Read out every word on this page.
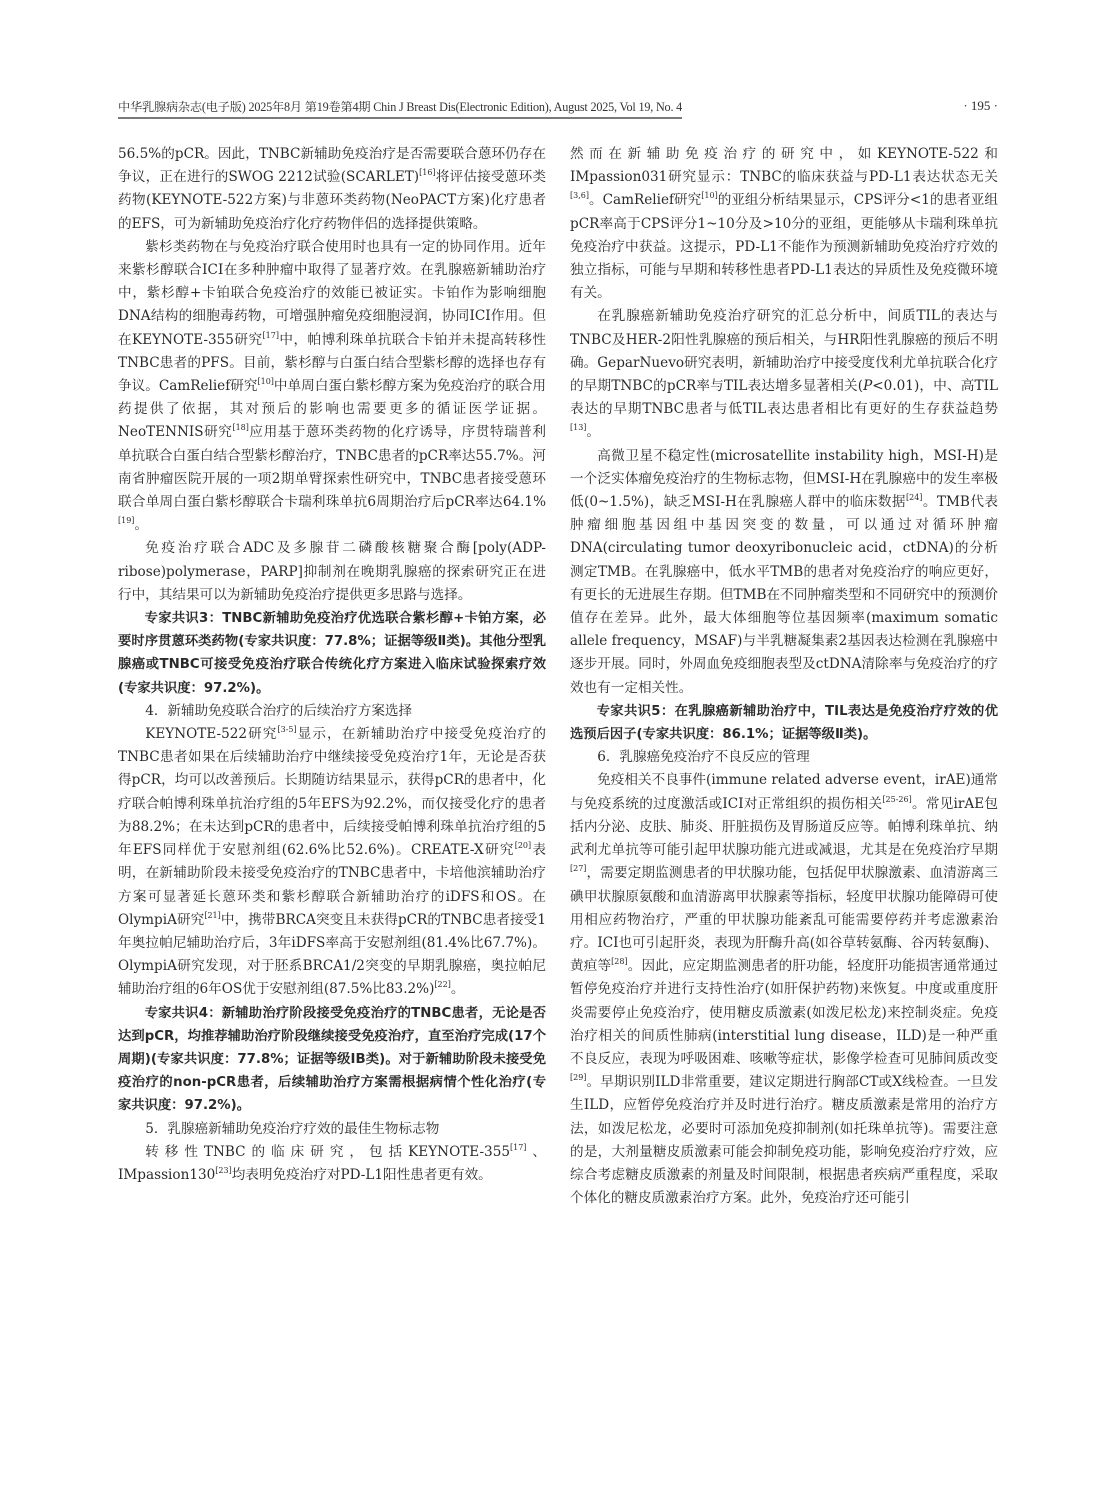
中华乳腺病杂志(电子版) 2025年8月 第19卷第4期 Chin J Breast Dis(Electronic Edition), August 2025, Vol 19, No. 4	· 195 ·

56.5%的pCR。因此，TNBC新辅助免疫治疗是否需要联合蒽环仍存在争议，正在进行的SWOG 2212试验(SCARLET)[16]将评估接受蒽环类药物(KEYNOTE-522方案)与非蒽环类药物(NeoPACT方案)化疗患者的EFS，可为新辅助免疫治疗化疗药物伴侣的选择提供策略。

紫杉类药物在与免疫治疗联合使用时也具有一定的协同作用。近年来紫杉醇联合ICI在多种肿瘤中取得了显著疗效。在乳腺癌新辅助治疗中，紫杉醇+卡铂联合免疫治疗的效能已被证实。卡铂作为影响细胞DNA结构的细胞毒药物，可增强肿瘤免疫细胞浸润，协同ICI作用。但在KEYNOTE-355研究[17]中，帕博利珠单抗联合卡铂并未提高转移性TNBC患者的PFS。目前，紫杉醇与白蛋白结合型紫杉醇的选择也存有争议。CamRelief研究[10]中单周白蛋白紫杉醇方案为免疫治疗的联合用药提供了依据，其对预后的影响也需要更多的循证医学证据。NeoTENNIS研究[18]应用基于蒽环类药物的化疗诱导，序贯特瑞普利单抗联合白蛋白结合型紫杉醇治疗，TNBC患者的pCR率达55.7%。河南省肿瘤医院开展的一项2期单臂探索性研究中，TNBC患者接受蒽环联合单周白蛋白紫杉醇联合卡瑞利珠单抗6周期治疗后pCR率达64.1%[19]。

免疫治疗联合ADC及多腺苷二磷酸核糖聚合酶[poly(ADP-ribose)polymerase，PARP]抑制剂在晚期乳腺癌的探索研究正在进行中，其结果可以为新辅助免疫治疗提供更多思路与选择。

专家共识3：TNBC新辅助免疫治疗优选联合紫杉醇+卡铂方案，必要时序贯蒽环类药物(专家共识度：77.8%；证据等级Ⅱ类)。其他分型乳腺癌或TNBC可接受免疫治疗联合传统化疗方案进入临床试验探索疗效(专家共识度：97.2%)。

4．新辅助免疫联合治疗的后续治疗方案选择

KEYNOTE-522研究[3-5]显示，在新辅助治疗中接受免疫治疗的TNBC患者如果在后续辅助治疗中继续接受免疫治疗1年，无论是否获得pCR，均可以改善预后。长期随访结果显示，获得pCR的患者中，化疗联合帕博利珠单抗治疗组的5年EFS为92.2%，而仅接受化疗的患者为88.2%；在未达到pCR的患者中，后续接受帕博利珠单抗治疗组的5年EFS同样优于安慰剂组(62.6%比52.6%)。CREATE-X研究[20]表明，在新辅助阶段未接受免疫治疗的TNBC患者中，卡培他滨辅助治疗方案可显著延长蒽环类和紫杉醇联合新辅助治疗的iDFS和OS。在OlympiA研究[21]中，携带BRCA突变且未获得pCR的TNBC患者接受1年奥拉帕尼辅助治疗后，3年iDFS率高于安慰剂组(81.4%比67.7%)。OlympiA研究发现，对于胚系BRCA1/2突变的早期乳腺癌，奥拉帕尼辅助治疗组的6年OS优于安慰剂组(87.5%比83.2%)[22]。

专家共识4：新辅助治疗阶段接受免疫治疗的TNBC患者，无论是否达到pCR，均推荐辅助治疗阶段继续接受免疫治疗，直至治疗完成(17个周期)(专家共识度：77.8%；证据等级ⅠB类)。对于新辅助阶段未接受免疫治疗的non-pCR患者，后续辅助治疗方案需根据病情个性化治疗(专家共识度：97.2%)。

5．乳腺癌新辅助免疫治疗疗效的最佳生物标志物

转移性TNBC的临床研究，包括KEYNOTE-355[17]、IMpassion130[23]均表明免疫治疗对PD-L1阳性患者更有效。

然而在新辅助免疫治疗的研究中，如KEYNOTE-522和IMpassion031研究显示：TNBC的临床获益与PD-L1表达状态无关[3,6]。CamRelief研究[10]的亚组分析结果显示，CPS评分<1的患者亚组pCR率高于CPS评分1~10分及>10分的亚组，更能够从卡瑞利珠单抗免疫治疗中获益。这提示，PD-L1不能作为预测新辅助免疫治疗疗效的独立指标，可能与早期和转移性患者PD-L1表达的异质性及免疫微环境有关。

在乳腺癌新辅助免疫治疗研究的汇总分析中，间质TIL的表达与TNBC及HER-2阳性乳腺癌的预后相关，与HR阳性乳腺癌的预后不明确。GeparNuevo研究表明，新辅助治疗中接受度伐利尤单抗联合化疗的早期TNBC的pCR率与TIL表达增多显著相关(P<0.01)，中、高TIL表达的早期TNBC患者与低TIL表达患者相比有更好的生存获益趋势[13]。

高微卫星不稳定性(microsatellite instability high，MSI-H)是一个泛实体瘤免疫治疗的生物标志物，但MSI-H在乳腺癌中的发生率极低(0~1.5%)，缺乏MSI-H在乳腺癌人群中的临床数据[24]。TMB代表肿瘤细胞基因组中基因突变的数量，可以通过对循环肿瘤DNA(circulating tumor deoxyribonucleic acid，ctDNA)的分析测定TMB。在乳腺癌中，低水平TMB的患者对免疫治疗的响应更好，有更长的无进展生存期。但TMB在不同肿瘤类型和不同研究中的预测价值存在差异。此外，最大体细胞等位基因频率(maximum somatic allele frequency，MSAF)与半乳糖凝集素2基因表达检测在乳腺癌中逐步开展。同时，外周血免疫细胞表型及ctDNA清除率与免疫治疗的疗效也有一定相关性。

专家共识5：在乳腺癌新辅助治疗中，TIL表达是免疫治疗疗效的优选预后因子(专家共识度：86.1%；证据等级Ⅱ类)。

6．乳腺癌免疫治疗不良反应的管理

免疫相关不良事件(immune related adverse event，irAE)通常与免疫系统的过度激活或ICI对正常组织的损伤相关[25-26]。常见irAE包括内分泌、皮肤、肺炎、肝脏损伤及胃肠道反应等。帕博利珠单抗、纳武利尤单抗等可能引起甲状腺功能亢进或减退，尤其是在免疫治疗早期[27]，需要定期监测患者的甲状腺功能，包括促甲状腺激素、血清游离三碘甲状腺原氨酸和血清游离甲状腺素等指标，轻度甲状腺功能障碍可使用相应药物治疗，严重的甲状腺功能紊乱可能需要停药并考虑激素治疗。ICI也可引起肝炎，表现为肝酶升高(如谷草转氨酶、谷丙转氨酶)、黄疸等[28]。因此，应定期监测患者的肝功能，轻度肝功能损害通常通过暂停免疫治疗并进行支持性治疗(如肝保护药物)来恢复。中度或重度肝炎需要停止免疫治疗，使用糖皮质激素(如泼尼松龙)来控制炎症。免疫治疗相关的间质性肺病(interstitial lung disease，ILD)是一种严重不良反应，表现为呼吸困难、咳嗽等症状，影像学检查可见肺间质改变[29]。早期识别ILD非常重要，建议定期进行胸部CT或X线检查。一旦发生ILD，应暂停免疫治疗并及时进行治疗。糖皮质激素是常用的治疗方法，如泼尼松龙，必要时可添加免疫抑制剂(如托珠单抗等)。需要注意的是，大剂量糖皮质激素可能会抑制免疫功能，影响免疫治疗疗效，应综合考虑糖皮质激素的剂量及时间限制，根据患者疾病严重程度，采取个体化的糖皮质激素治疗方案。此外，免疫治疗还可能引
